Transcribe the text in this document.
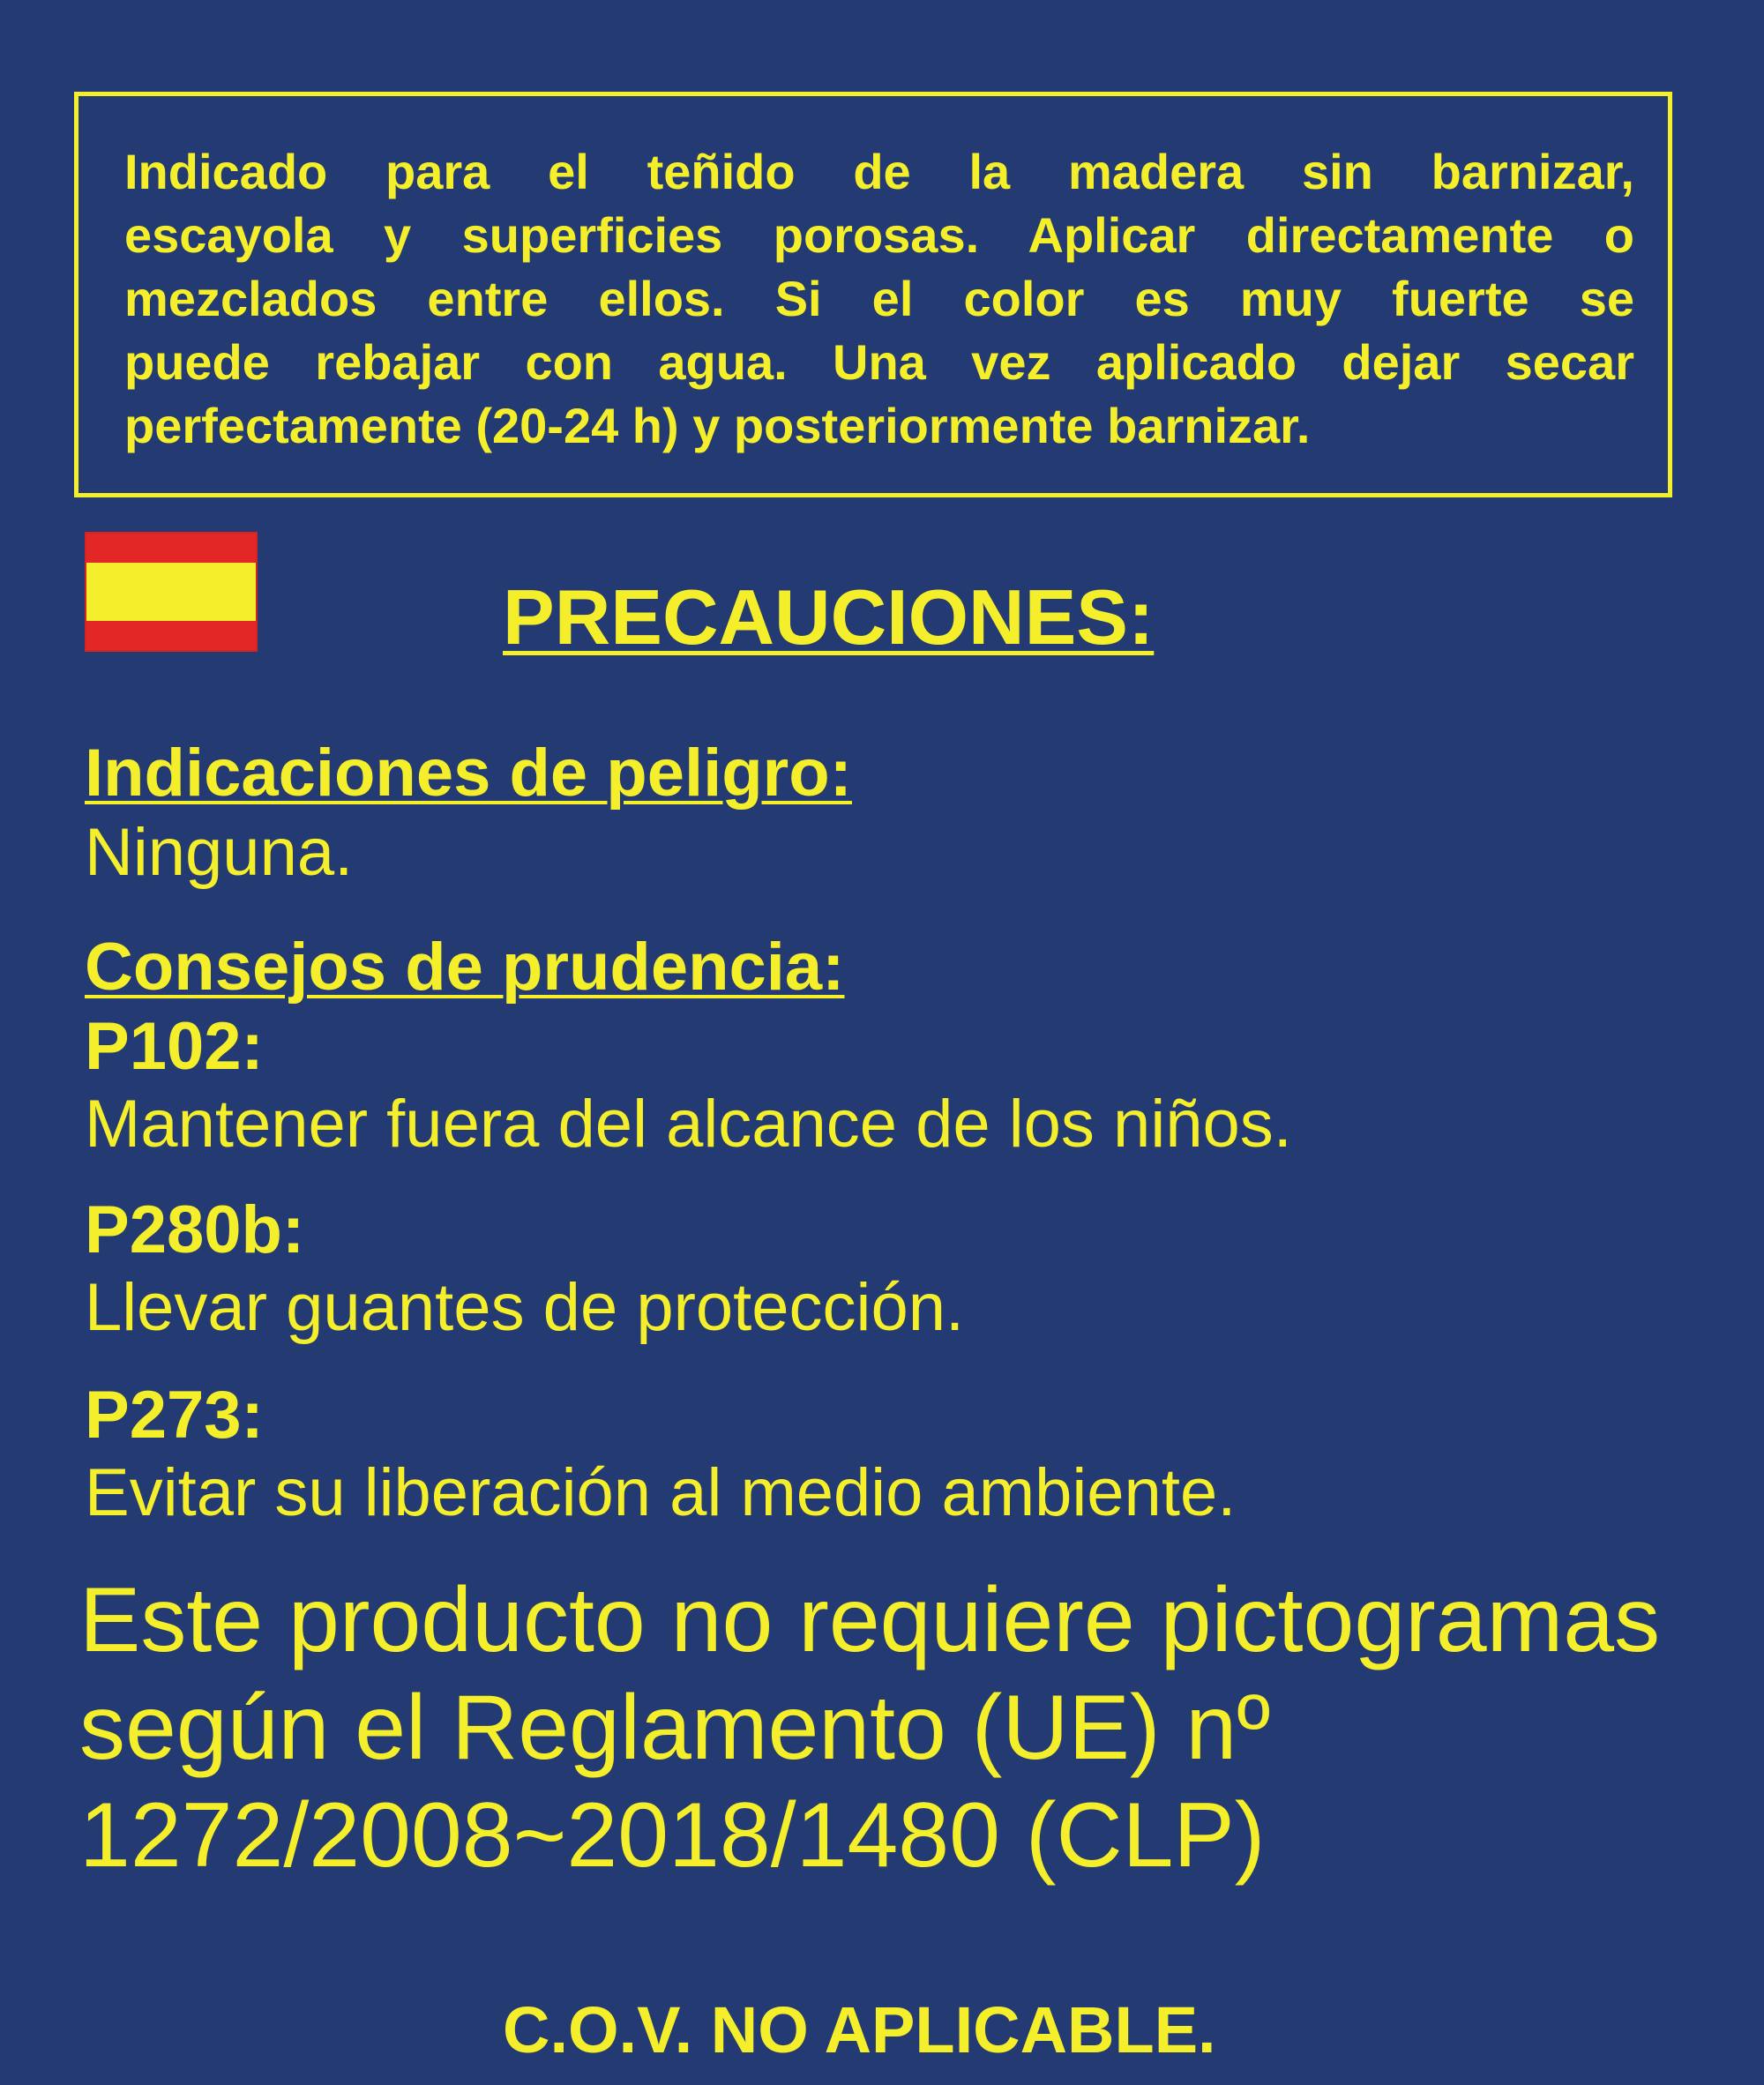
Indicado para el teñido de la madera sin barnizar,

escayola y superficies porosas. Aplicar directamente o

mezclados entre ellos. Si el color es muy fuerte se

puede rebajar con agua. Una vez aplicado dejar secar

perfectamente (20-24 h) y posteriormente barnizar.

PRECAUCIONES:
Indicaciones de peligro:

Ninguna.

Consejos de prudencia:

P102:

Mantener fuera del alcance de los niños.

P280b:

Llevar guantes de protección.

P273:

Evitar su liberación al medio ambiente.

Este producto no requiere pictogramas
según el Reglamento (UE) nº
1272/2008~2018/1480 (CLP)

C.O.V. NO APLICABLE.
